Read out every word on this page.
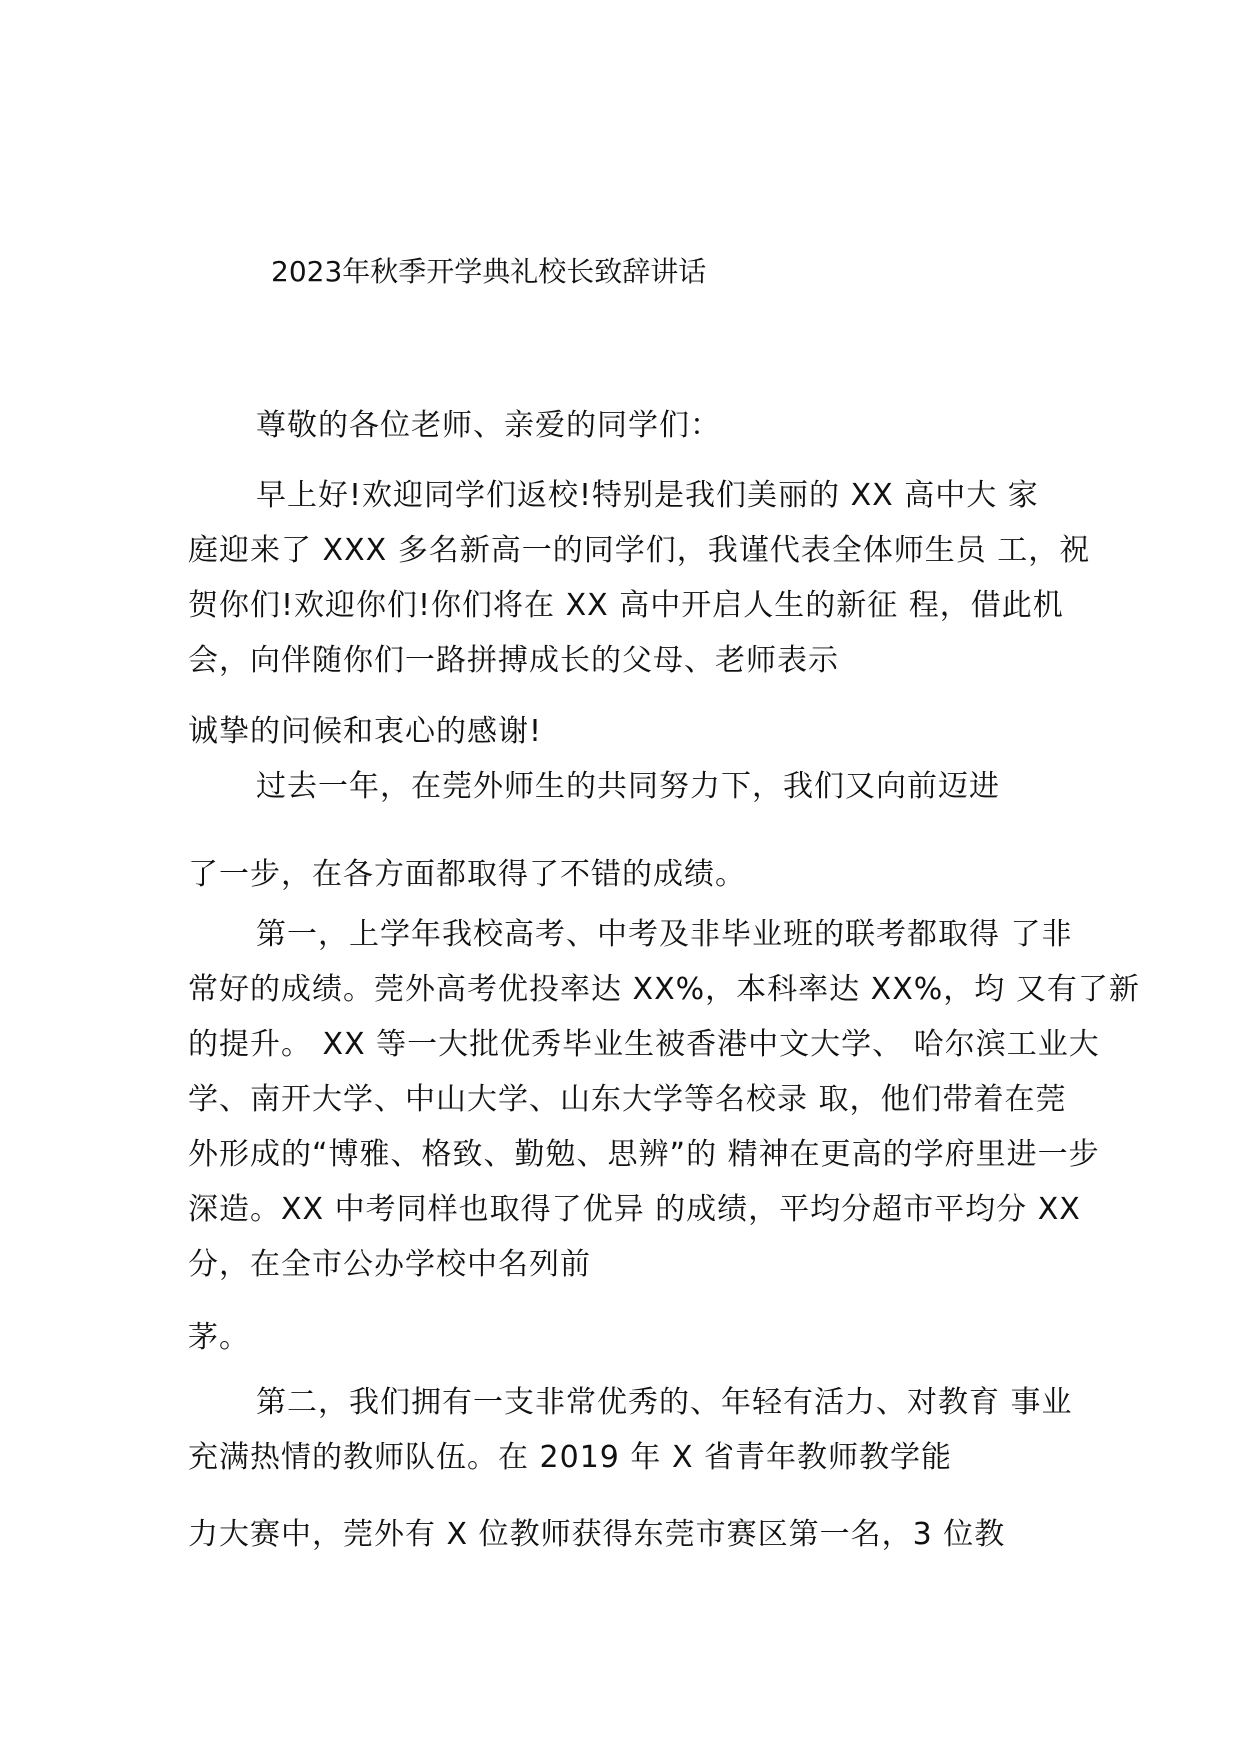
2023年秋季开学典礼校长致辞讲话
尊敬的各位老师、亲爱的同学们：
早上好!欢迎同学们返校!特别是我们美丽的 XX 高中大 家
庭迎来了 XXX 多名新高一的同学们，我谨代表全体师生员 工，祝
贺你们!欢迎你们!你们将在 XX 高中开启人生的新征 程，借此机
会，向伴随你们一路拼搏成长的父母、老师表示
诚挚的问候和衷心的感谢!
过去一年，在莞外师生的共同努力下，我们又向前迈进
了一步，在各方面都取得了不错的成绩。
第一，上学年我校高考、中考及非毕业班的联考都取得 了非
常好的成绩。莞外高考优投率达 XX%，本科率达 XX%，均 又有了新
的提升。 XX 等一大批优秀毕业生被香港中文大学、 哈尔滨工业大
学、南开大学、中山大学、山东大学等名校录 取，他们带着在莞
外形成的“博雅、格致、勤勉、思辨”的 精神在更高的学府里进一步
深造。XX 中考同样也取得了优异 的成绩，平均分超市平均分 XX
分，在全市公办学校中名列前
茅。
第二，我们拥有一支非常优秀的、年轻有活力、对教育 事业
充满热情的教师队伍。在 2019 年 X 省青年教师教学能
力大赛中，莞外有 X 位教师获得东莞市赛区第一名，3 位教
